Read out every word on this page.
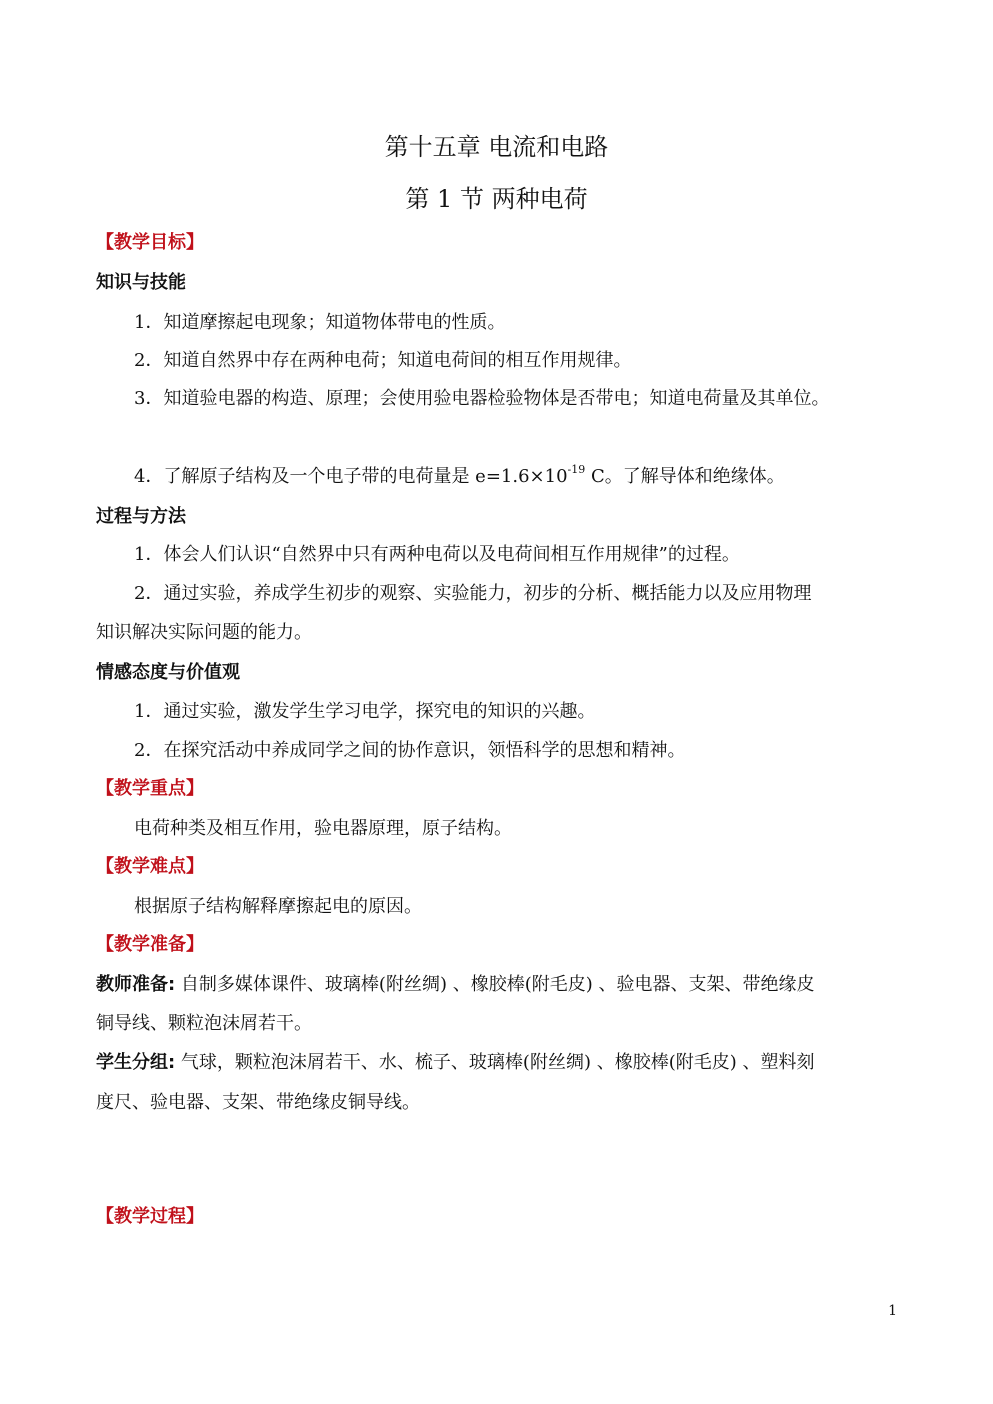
第十五章 电流和电路
第 1 节 两种电荷
【教学目标】
知识与技能
1．知道摩擦起电现象；知道物体带电的性质。
2．知道自然界中存在两种电荷；知道电荷间的相互作用规律。
3．知道验电器的构造、原理；会使用验电器检验物体是否带电；知道电荷量及其单位。
4．了解原子结构及一个电子带的电荷量是 $e=1.6\times 10^{-19}$ C。了解导体和绝缘体。
过程与方法
1．体会人们认识“自然界中只有两种电荷以及电荷间相互作用规律”的过程。
2．通过实验，养成学生初步的观察、实验能力，初步的分析、概括能力以及应用物理
知识解决实际问题的能力。
情感态度与价值观
1．通过实验，激发学生学习电学，探究电的知识的兴趣。
2．在探究活动中养成同学之间的协作意识，领悟科学的思想和精神。
【教学重点】
电荷种类及相互作用，验电器原理，原子结构。
【教学难点】
根据原子结构解释摩擦起电的原因。
【教学准备】
教师准备: 自制多媒体课件、玻璃棒(附丝绸) 、橡胶棒(附毛皮) 、验电器、支架、带绝缘皮
铜导线、颗粒泡沫屑若干。
学生分组: 气球，颗粒泡沫屑若干、水、梳子、玻璃棒(附丝绸) 、橡胶棒(附毛皮) 、塑料刻
度尺、验电器、支架、带绝缘皮铜导线。
【教学过程】
1
